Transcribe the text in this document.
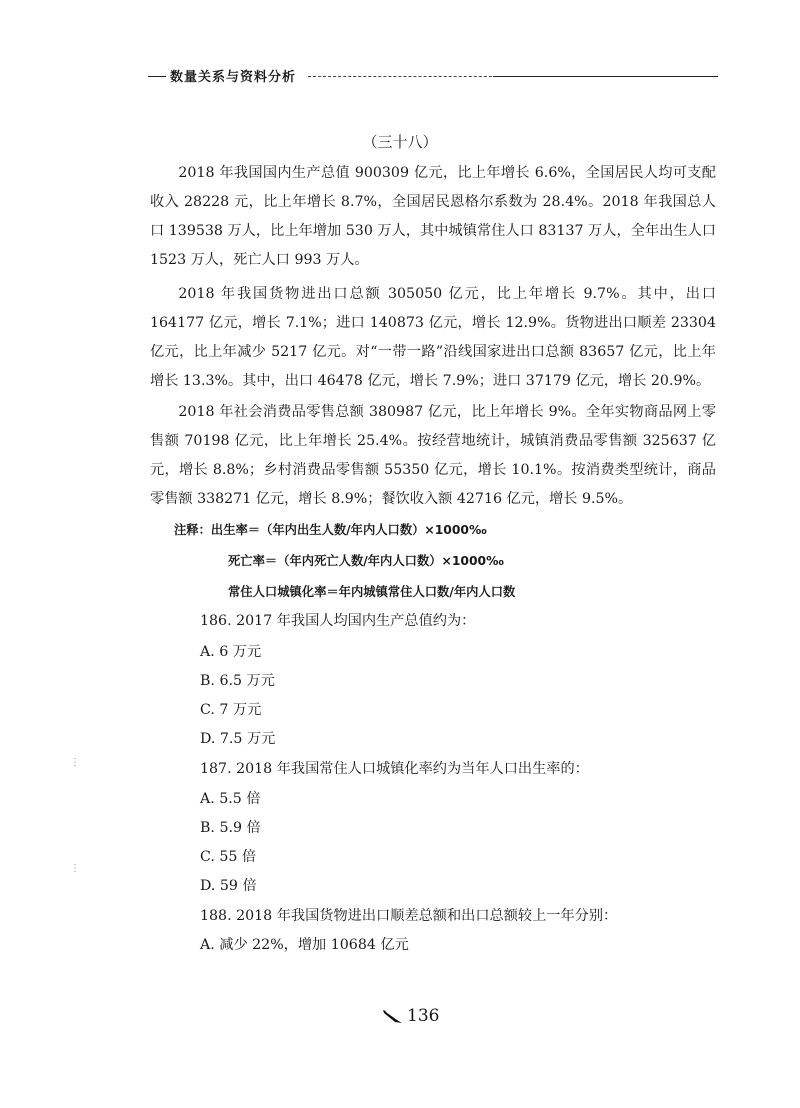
数量关系与资料分析
（三十八）

2018 年我国国内生产总值 900309 亿元，比上年增长 6.6%，全国居民人均可支配收入 28228 元，比上年增长 8.7%，全国居民恩格尔系数为 28.4%。2018 年我国总人口 139538 万人，比上年增加 530 万人，其中城镇常住人口 83137 万人，全年出生人口 1523 万人，死亡人口 993 万人。

2018 年我国货物进出口总额 305050 亿元，比上年增长 9.7%。其中，出口 164177 亿元，增长 7.1%；进口 140873 亿元，增长 12.9%。货物进出口顺差 23304 亿元，比上年减少 5217 亿元。对“一带一路”沿线国家进出口总额 83657 亿元，比上年增长 13.3%。其中，出口 46478 亿元，增长 7.9%；进口 37179 亿元，增长 20.9%。

2018 年社会消费品零售总额 380987 亿元，比上年增长 9%。全年实物商品网上零售额 70198 亿元，比上年增长 25.4%。按经营地统计，城镇消费品零售额 325637 亿元，增长 8.8%；乡村消费品零售额 55350 亿元，增长 10.1%。按消费类型统计，商品零售额 338271 亿元，增长 8.9%；餐饮收入额 42716 亿元，增长 9.5%。

注释：出生率＝（年内出生人数/年内人口数）×1000‰
死亡率＝（年内死亡人数/年内人口数）×1000‰
常住人口城镇化率＝年内城镇常住人口数/年内人口数
186. 2017 年我国人均国内生产总值约为：
A. 6 万元
B. 6.5 万元
C. 7 万元
D. 7.5 万元
187. 2018 年我国常住人口城镇化率约为当年人口出生率的：
A. 5.5 倍
B. 5.9 倍
C. 55 倍
D. 59 倍
188. 2018 年我国货物进出口顺差总额和出口总额较上一年分别：
A. 减少 22%，增加 10684 亿元
⋮
⋮
136
